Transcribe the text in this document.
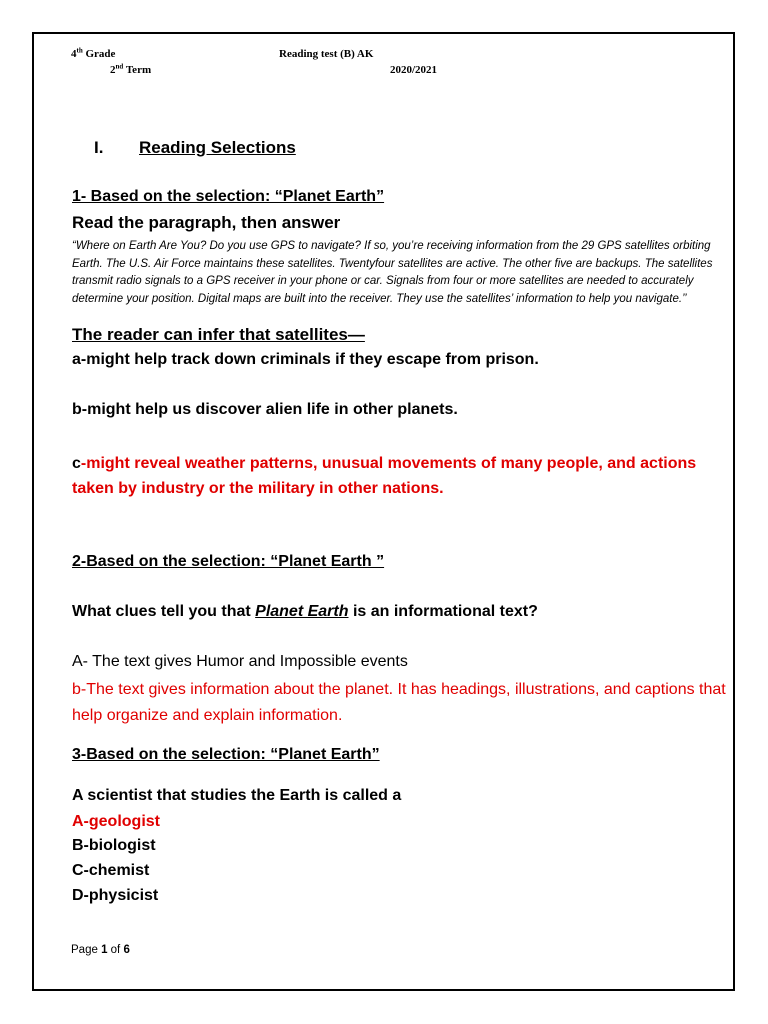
4th Grade
2nd Term
Reading test (B) AK
2020/2021
I. Reading Selections
1- Based on the selection: “Planet Earth”
Read the paragraph, then answer
“Where on Earth Are You? Do you use GPS to navigate? If so, you’re receiving information from the 29 GPS satellites orbiting Earth. The U.S. Air Force maintains these satellites. Twentyfour satellites are active. The other five are backups. The satellites transmit radio signals to a GPS receiver in your phone or car. Signals from four or more satellites are needed to accurately determine your position. Digital maps are built into the receiver. They use the satellites’ information to help you navigate.’’
The reader can infer that satellites—
a-might help track down criminals if they escape from prison.
b-might help us discover alien life in other planets.
c-might reveal weather patterns, unusual movements of many people, and actions taken by industry or the military in other nations.
2-Based on the selection: “Planet Earth ”
What clues tell you that Planet Earth is an informational text?
A- The text gives Humor and Impossible events
b-The text gives information about the planet. It has headings, illustrations, and captions that help organize and explain information.
3-Based on the selection: “Planet Earth”
A scientist that studies the Earth is called a
A-geologist
B-biologist
C-chemist
D-physicist
Page 1 of 6
